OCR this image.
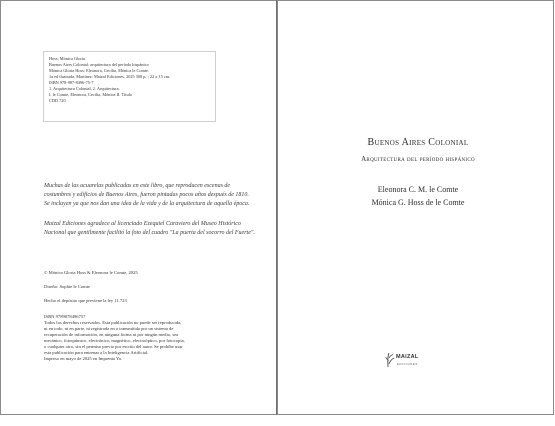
Hoss, Mónica Gloria
Buenos Aires Colonial: arquitectura del período hispánico
Mónica Gloria Hoss; Eleonora, Cecilia, Mónica le Comte.
1a ed ilustrada. Martínez: Maizal Ediciones, 2025 308 p. ; 22 x 15 cm.
ISBN 978-987-8496-75-7
1. Arquitectura Colonial. 2. Arquitectura.
I. le Comte, Eleonora, Cecilia, Mónica II. Título
CDD 720
Muchas de las acuarelas publicadas en este libro, que reproducen escenas de costumbres y edificios de Buenos Aires, fueron pintadas pocos años después de 1810. Se incluyen ya que nos dan una idea de la vida y de la arquitectura de aquella época.
Maizal Ediciones agradece al licenciado Ezequiel Caraviero del Museo Histórico Nacional que gentilmente facilitó la foto del cuadro "La puerta del socorro del Fuerte".
© Mónica Gloria Hoss & Eleonora le Comte, 2025
Diseño: Sophie le Comte
Hecho el depósito que previene la ley 11.723
ISBN 9789878496757
Todos los derechos reservados. Esta publicación no puede ser reproducida,
ni en todo, ni en parte, ni registrada en o transmitida por un sistema de
recuperación de información, en ninguna forma ni por ningún medio, sea
mecánico, fotoquímico, electrónico, magnético, electroóptico, por fotocopia,
o cualquier otro, sin el permiso previo por escrito del autor. Se prohíbe usar
esta publicación para entrenar a la Inteligencia Artificial.
Impreso en mayo de 2025 en Imprenta Ya.
Buenos Aires Colonial
Arquitectura del período hispánico
Eleonora C. M. le Comte
Mónica G. Hoss de le Comte
MAIZAL
EDICIONES
